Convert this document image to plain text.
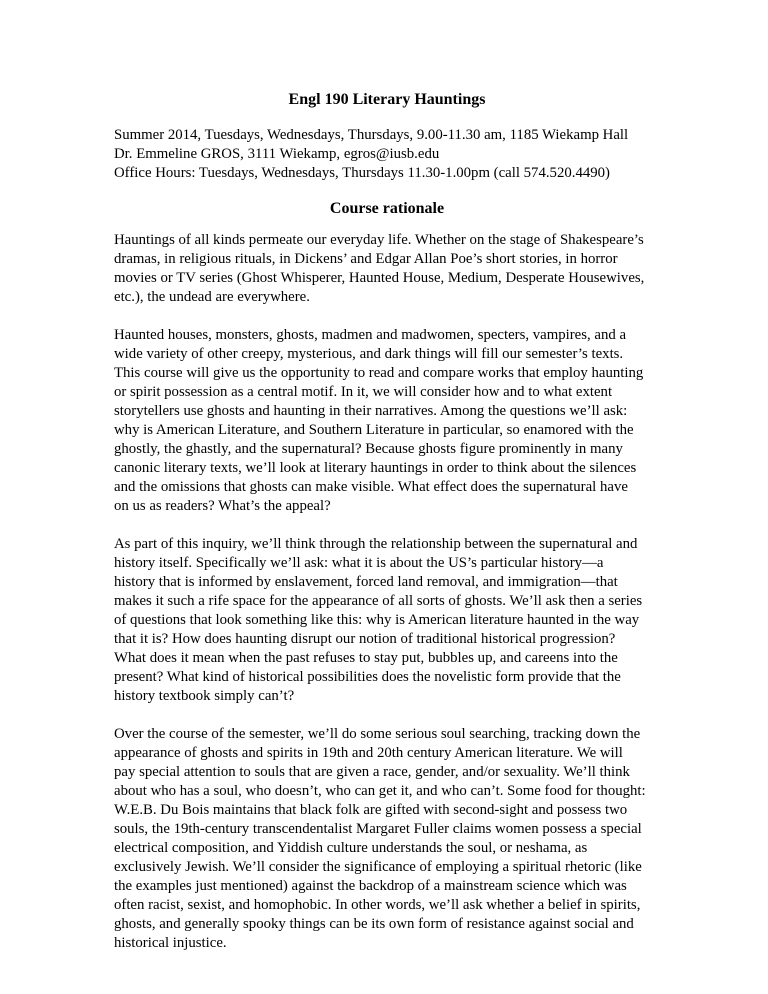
Engl 190 Literary Hauntings
Summer 2014, Tuesdays, Wednesdays, Thursdays, 9.00-11.30 am, 1185 Wiekamp Hall
Dr. Emmeline GROS, 3111 Wiekamp, egros@iusb.edu
Office Hours: Tuesdays, Wednesdays, Thursdays 11.30-1.00pm (call 574.520.4490)
Course rationale

Hauntings of all kinds permeate our everyday life. Whether on the stage of Shakespeare’s
dramas, in religious rituals, in Dickens’ and Edgar Allan Poe’s short stories, in horror
movies or TV series (Ghost Whisperer, Haunted House, Medium, Desperate Housewives,
etc.), the undead are everywhere.

Haunted houses, monsters, ghosts, madmen and madwomen, specters, vampires, and a
wide variety of other creepy, mysterious, and dark things will fill our semester’s texts.
This course will give us the opportunity to read and compare works that employ haunting
or spirit possession as a central motif. In it, we will consider how and to what extent
storytellers use ghosts and haunting in their narratives. Among the questions we’ll ask:
why is American Literature, and Southern Literature in particular, so enamored with the
ghostly, the ghastly, and the supernatural? Because ghosts figure prominently in many
canonic literary texts, we’ll look at literary hauntings in order to think about the silences
and the omissions that ghosts can make visible. What effect does the supernatural have
on us as readers? What’s the appeal?

As part of this inquiry, we’ll think through the relationship between the supernatural and
history itself. Specifically we’ll ask: what it is about the US’s particular history—a
history that is informed by enslavement, forced land removal, and immigration—that
makes it such a rife space for the appearance of all sorts of ghosts. We’ll ask then a series
of questions that look something like this: why is American literature haunted in the way
that it is? How does haunting disrupt our notion of traditional historical progression?
What does it mean when the past refuses to stay put, bubbles up, and careens into the
present? What kind of historical possibilities does the novelistic form provide that the
history textbook simply can’t?

Over the course of the semester, we’ll do some serious soul searching, tracking down the
appearance of ghosts and spirits in 19th and 20th century American literature. We will
pay special attention to souls that are given a race, gender, and/or sexuality. We’ll think
about who has a soul, who doesn’t, who can get it, and who can’t. Some food for thought:
W.E.B. Du Bois maintains that black folk are gifted with second-sight and possess two
souls, the 19th-century transcendentalist Margaret Fuller claims women possess a special
electrical composition, and Yiddish culture understands the soul, or neshama, as
exclusively Jewish. We’ll consider the significance of employing a spiritual rhetoric (like
the examples just mentioned) against the backdrop of a mainstream science which was
often racist, sexist, and homophobic. In other words, we’ll ask whether a belief in spirits,
ghosts, and generally spooky things can be its own form of resistance against social and
historical injustice.
